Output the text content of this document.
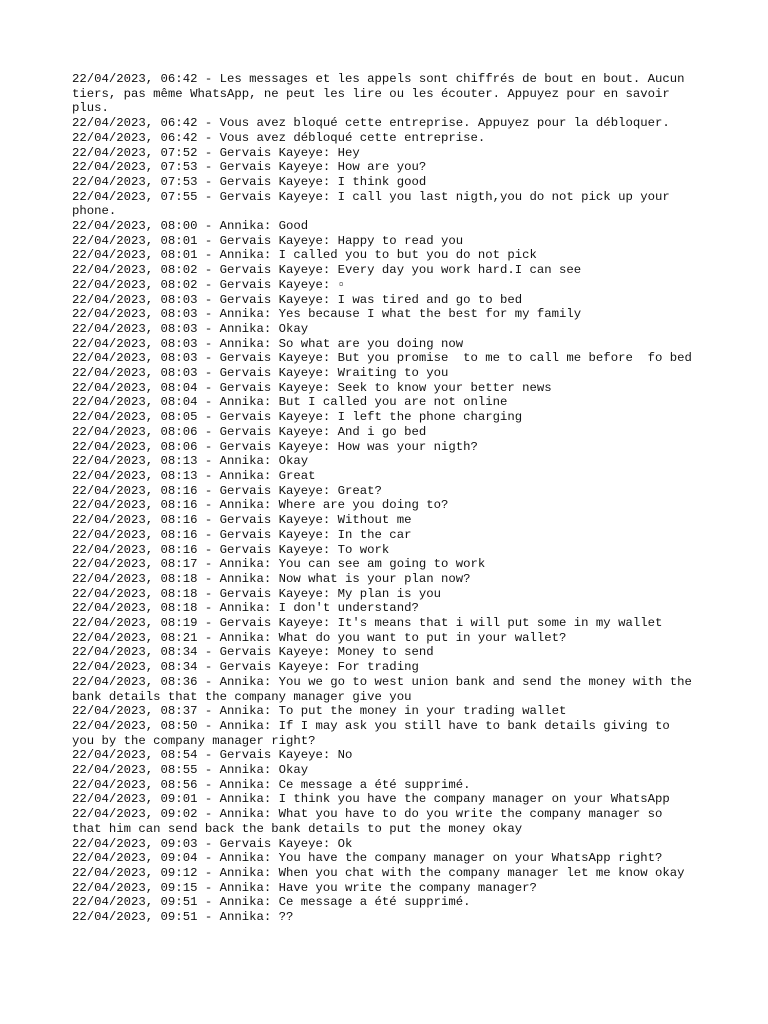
22/04/2023, 06:42 - Les messages et les appels sont chiffrés de bout en bout. Aucun tiers, pas même WhatsApp, ne peut les lire ou les écouter. Appuyez pour en savoir plus.

22/04/2023, 06:42 - Vous avez bloqué cette entreprise. Appuyez pour la débloquer.

22/04/2023, 06:42 - Vous avez débloqué cette entreprise.

22/04/2023, 07:52 - Gervais Kayeye: Hey

22/04/2023, 07:53 - Gervais Kayeye: How are you?

22/04/2023, 07:53 - Gervais Kayeye: I think good

22/04/2023, 07:55 - Gervais Kayeye: I call you last nigth,you do not pick up your phone.

22/04/2023, 08:00 - Annika: Good

22/04/2023, 08:01 - Gervais Kayeye: Happy to read you

22/04/2023, 08:01 - Annika: I called you to but you do not pick

22/04/2023, 08:02 - Gervais Kayeye: Every day you work hard.I can see

22/04/2023, 08:02 - Gervais Kayeye: ▫

22/04/2023, 08:03 - Gervais Kayeye: I was tired and go to bed

22/04/2023, 08:03 - Annika: Yes because I what the best for my family

22/04/2023, 08:03 - Annika: Okay

22/04/2023, 08:03 - Annika: So what are you doing now

22/04/2023, 08:03 - Gervais Kayeye: But you promise  to me to call me before  fo bed

22/04/2023, 08:03 - Gervais Kayeye: Wraiting to you

22/04/2023, 08:04 - Gervais Kayeye: Seek to know your better news

22/04/2023, 08:04 - Annika: But I called you are not online

22/04/2023, 08:05 - Gervais Kayeye: I left the phone charging

22/04/2023, 08:06 - Gervais Kayeye: And i go bed

22/04/2023, 08:06 - Gervais Kayeye: How was your nigth?

22/04/2023, 08:13 - Annika: Okay

22/04/2023, 08:13 - Annika: Great

22/04/2023, 08:16 - Gervais Kayeye: Great?

22/04/2023, 08:16 - Annika: Where are you doing to?

22/04/2023, 08:16 - Gervais Kayeye: Without me

22/04/2023, 08:16 - Gervais Kayeye: In the car

22/04/2023, 08:16 - Gervais Kayeye: To work

22/04/2023, 08:17 - Annika: You can see am going to work

22/04/2023, 08:18 - Annika: Now what is your plan now?

22/04/2023, 08:18 - Gervais Kayeye: My plan is you

22/04/2023, 08:18 - Annika: I don't understand?

22/04/2023, 08:19 - Gervais Kayeye: It's means that i will put some in my wallet

22/04/2023, 08:21 - Annika: What do you want to put in your wallet?

22/04/2023, 08:34 - Gervais Kayeye: Money to send

22/04/2023, 08:34 - Gervais Kayeye: For trading

22/04/2023, 08:36 - Annika: You we go to west union bank and send the money with the bank details that the company manager give you

22/04/2023, 08:37 - Annika: To put the money in your trading wallet

22/04/2023, 08:50 - Annika: If I may ask you still have to bank details giving to you by the company manager right?

22/04/2023, 08:54 - Gervais Kayeye: No

22/04/2023, 08:55 - Annika: Okay

22/04/2023, 08:56 - Annika: Ce message a été supprimé.

22/04/2023, 09:01 - Annika: I think you have the company manager on your WhatsApp

22/04/2023, 09:02 - Annika: What you have to do you write the company manager so that him can send back the bank details to put the money okay

22/04/2023, 09:03 - Gervais Kayeye: Ok

22/04/2023, 09:04 - Annika: You have the company manager on your WhatsApp right?

22/04/2023, 09:12 - Annika: When you chat with the company manager let me know okay

22/04/2023, 09:15 - Annika: Have you write the company manager?

22/04/2023, 09:51 - Annika: Ce message a été supprimé.

22/04/2023, 09:51 - Annika: ??
